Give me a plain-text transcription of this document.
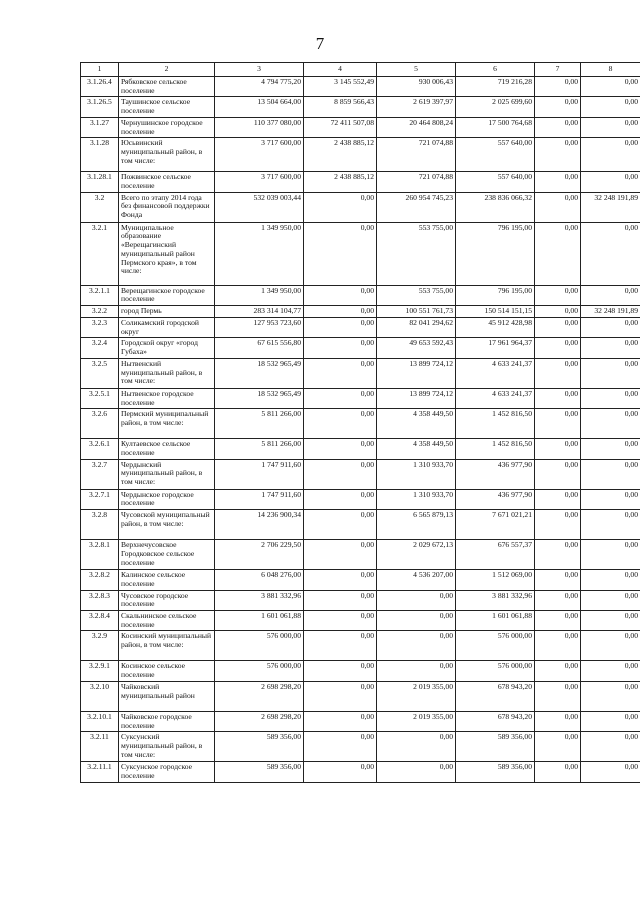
7
1	2	3	4	5	6	7	8
3.1.26.4	Рябковское сельское поселение	4 794 775,20	3 145 552,49	930 006,43	719 216,28	0,00	0,00
3.1.26.5	Таушинское сельское поселение	13 504 664,00	8 859 566,43	2 619 397,97	2 025 699,60	0,00	0,00
3.1.27	Чернушинское городское поселение	110 377 080,00	72 411 507,08	20 464 808,24	17 500 764,68	0,00	0,00
3.1.28	Юсьвинский муниципальный район, в том числе:	3 717 600,00	2 438 885,12	721 074,88	557 640,00	0,00	0,00
3.1.28.1	Пожвинское сельское поселение	3 717 600,00	2 438 885,12	721 074,88	557 640,00	0,00	0,00
3.2	Всего по этапу 2014 года без финансовой поддержки Фонда	532 039 003,44	0,00	260 954 745,23	238 836 066,32	0,00	32 248 191,89
3.2.1	Муниципальное образование «Верещагинский муниципальный район Пермского края», в том числе:	1 349 950,00	0,00	553 755,00	796 195,00	0,00	0,00
3.2.1.1	Верещагинское городское поселение	1 349 950,00	0,00	553 755,00	796 195,00	0,00	0,00
3.2.2	город Пермь	283 314 104,77	0,00	100 551 761,73	150 514 151,15	0,00	32 248 191,89
3.2.3	Соликамский городской округ	127 953 723,60	0,00	82 041 294,62	45 912 428,98	0,00	0,00
3.2.4	Городской округ «город Губаха»	67 615 556,80	0,00	49 653 592,43	17 961 964,37	0,00	0,00
3.2.5	Нытвенский муниципальный район, в том числе:	18 532 965,49	0,00	13 899 724,12	4 633 241,37	0,00	0,00
3.2.5.1	Нытвенское городское поселение	18 532 965,49	0,00	13 899 724,12	4 633 241,37	0,00	0,00
3.2.6	Пермский муниципальный район, в том числе:	5 811 266,00	0,00	4 358 449,50	1 452 816,50	0,00	0,00
3.2.6.1	Култаевское сельское поселение	5 811 266,00	0,00	4 358 449,50	1 452 816,50	0,00	0,00
3.2.7	Чердынский муниципальный район, в том числе:	1 747 911,60	0,00	1 310 933,70	436 977,90	0,00	0,00
3.2.7.1	Чердынское городское поселение	1 747 911,60	0,00	1 310 933,70	436 977,90	0,00	0,00
3.2.8	Чусовской муниципальный район, в том числе:	14 236 900,34	0,00	6 565 879,13	7 671 021,21	0,00	0,00
3.2.8.1	Верхнечусовское Городковское сельское поселение	2 706 229,50	0,00	2 029 672,13	676 557,37	0,00	0,00
3.2.8.2	Калинское сельское поселение	6 048 276,00	0,00	4 536 207,00	1 512 069,00	0,00	0,00
3.2.8.3	Чусовское городское поселение	3 881 332,96	0,00	0,00	3 881 332,96	0,00	0,00
3.2.8.4	Скальнинское сельское поселение	1 601 061,88	0,00	0,00	1 601 061,88	0,00	0,00
3.2.9	Косинский муниципальный район, в том числе:	576 000,00	0,00	0,00	576 000,00	0,00	0,00
3.2.9.1	Косинское сельское поселение	576 000,00	0,00	0,00	576 000,00	0,00	0,00
3.2.10	Чайковский муниципальный район	2 698 298,20	0,00	2 019 355,00	678 943,20	0,00	0,00
3.2.10.1	Чайковское городское поселение	2 698 298,20	0,00	2 019 355,00	678 943,20	0,00	0,00
3.2.11	Суксунский муниципальный район, в том числе:	589 356,00	0,00	0,00	589 356,00	0,00	0,00
3.2.11.1	Суксунское городское поселение	589 356,00	0,00	0,00	589 356,00	0,00	0,00
